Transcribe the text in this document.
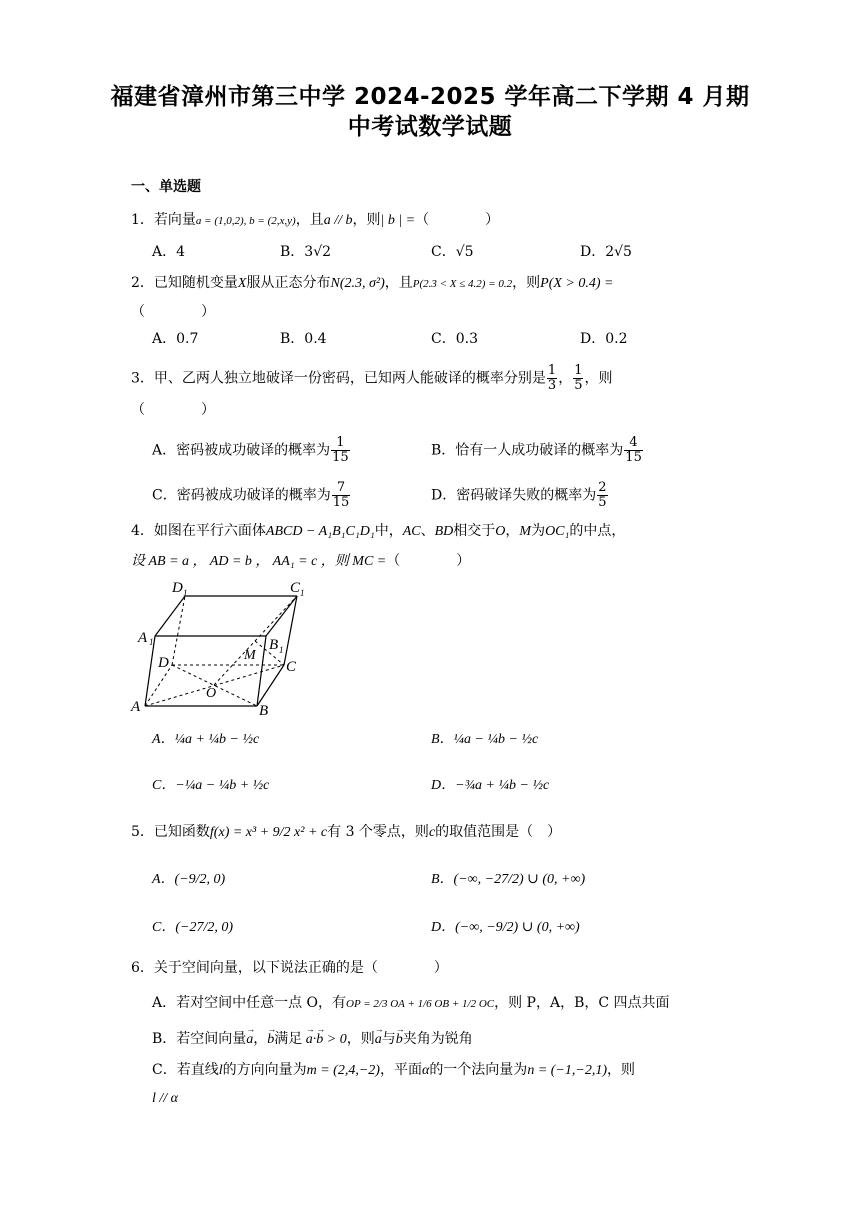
福建省漳州市第三中学 2024-2025 学年高二下学期 4 月期
中考试数学试题
一、单选题
1．若向量a = (1,0,2), b = (2,x,y)，且a // b，则| b | =（　　　　）
A．4	B．3√2	C．√5	D．2√5
2．已知随机变量X服从正态分布N(2.3, σ²)，且P(2.3 < X ≤ 4.2) = 0.2，则P(X > 0.4) =
（　　　　）
A．0.7	B．0.4	C．0.3	D．0.2
3．甲、乙两人独立地破译一份密码，已知两人能破译的概率分别是 $\frac{1}{3}$ ， $\frac{1}{5}$ ，则
（　　　　）
A．密码被成功破译的概率为 $\frac{1}{15}$	B．恰有一人成功破译的概率为 $\frac{4}{15}$
C．密码被成功破译的概率为 $\frac{7}{15}$	D．密码破译失败的概率为 $\frac{2}{5}$
4．如图在平行六面体ABCD − A₁B₁C₁D₁中，AC、BD相交于O，M为OC₁的中点，
设 AB = a ， AD = b ， AA₁ = c ，则 MC =（　　　　）
A	B
C
D
A 1	B 1
C 1
D 1
M
O
A．¼a + ¼b − ½c	B．¼a − ¼b − ½c
C．−¼a − ¼b + ½c	D．−¾a + ¼b − ½c
5．已知函数f(x) = x³ + 9/2 x² + c有 3 个零点，则c的取值范围是（　）
A．(−9/2, 0)	B．(−∞, −27/2) ∪ (0, +∞)
C．(−27/2, 0)	D．(−∞, −9/2) ∪ (0, +∞)
6．关于空间向量，以下说法正确的是（　　　　）
A．若对空间中任意一点 O，有OP = 2/3 OA + 1/6 OB + 1/2 OC，则 P，A，B，C 四点共面
B．若空间向量→ a，→ b满足 → a·→ b > 0，则→ a与→ b夹角为锐角
C．若直线l的方向向量为m = (2,4,−2)，平面α的一个法向量为n = (−1,−2,1)，则
l // α
